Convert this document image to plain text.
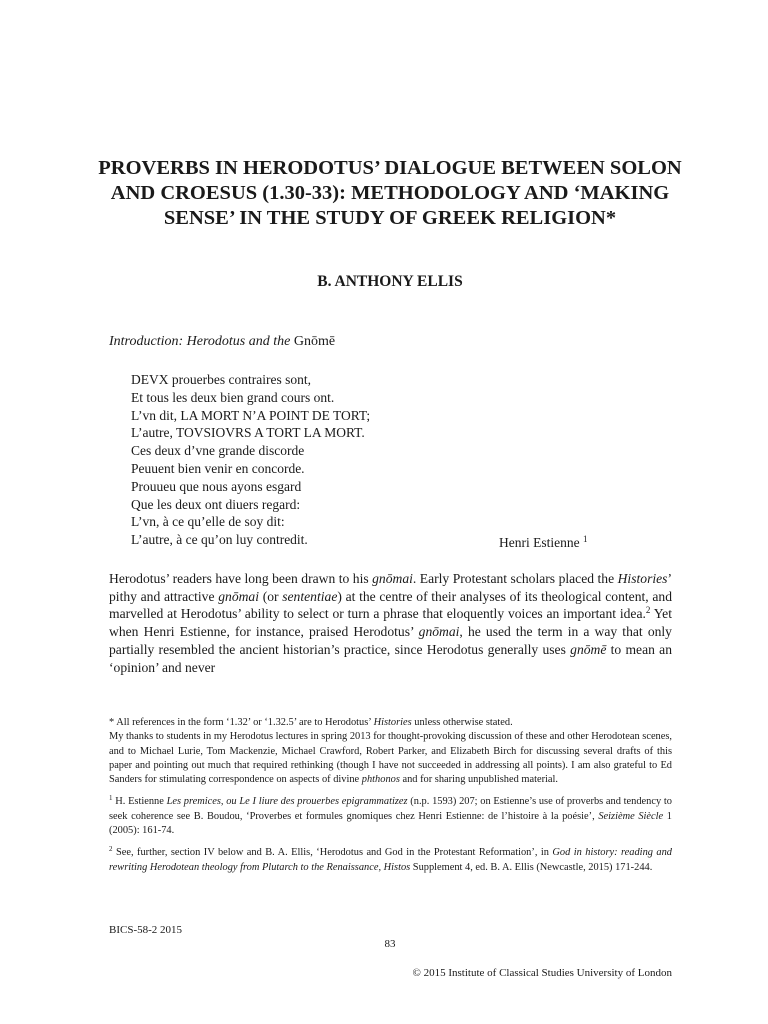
PROVERBS IN HERODOTUS’ DIALOGUE BETWEEN SOLON AND CROESUS (1.30-33): METHODOLOGY AND ‘MAKING SENSE’ IN THE STUDY OF GREEK RELIGION*
B. ANTHONY ELLIS
Introduction: Herodotus and the Gnōmē
DEVX prouerbes contraires sont,
Et tous les deux bien grand cours ont.
L’vn dit, LA MORT N’A POINT DE TORT;
L’autre, TOVSIOVRS A TORT LA MORT.
Ces deux d’vne grande discorde
Peuuent bien venir en concorde.
Prouueu que nous ayons esgard
Que les deux ont diuers regard:
L’vn, à ce qu’elle de soy dit:
L’autre, à ce qu’on luy contredit.	Henri Estienne $^1$

Herodotus’ readers have long been drawn to his gnōmai. Early Protestant scholars placed the Histories’ pithy and attractive gnōmai (or sententiae) at the centre of their analyses of its theological content, and marvelled at Herodotus’ ability to select or turn a phrase that eloquently voices an important idea.$^2$ Yet when Henri Estienne, for instance, praised Herodotus’ gnōmai, he used the term in a way that only partially resembled the ancient historian’s practice, since Herodotus generally uses gnōmē to mean an ‘opinion’ and never

* All references in the form ‘1.32’ or ‘1.32.5’ are to Herodotus’ Histories unless otherwise stated.
My thanks to students in my Herodotus lectures in spring 2013 for thought-provoking discussion of these and other Herodotean scenes, and to Michael Lurie, Tom Mackenzie, Michael Crawford, Robert Parker, and Elizabeth Birch for discussing several drafts of this paper and pointing out much that required rethinking (though I have not succeeded in addressing all points). I am also grateful to Ed Sanders for stimulating correspondence on aspects of divine phthonos and for sharing unpublished material.

$^1$ H. Estienne Les premices, ou Le I liure des prouerbes epigrammatizez (n.p. 1593) 207; on Estienne’s use of proverbs and tendency to seek coherence see B. Boudou, ‘Proverbes et formules gnomiques chez Henri Estienne: de l’histoire à la poésie’, Seizième Siècle 1 (2005): 161-74.

$^2$ See, further, section IV below and B. A. Ellis, ‘Herodotus and God in the Protestant Reformation’, in God in history: reading and rewriting Herodotean theology from Plutarch to the Renaissance, Histos Supplement 4, ed. B. A. Ellis (Newcastle, 2015) 171-244.

BICS-58-2 2015
83
© 2015 Institute of Classical Studies University of London
